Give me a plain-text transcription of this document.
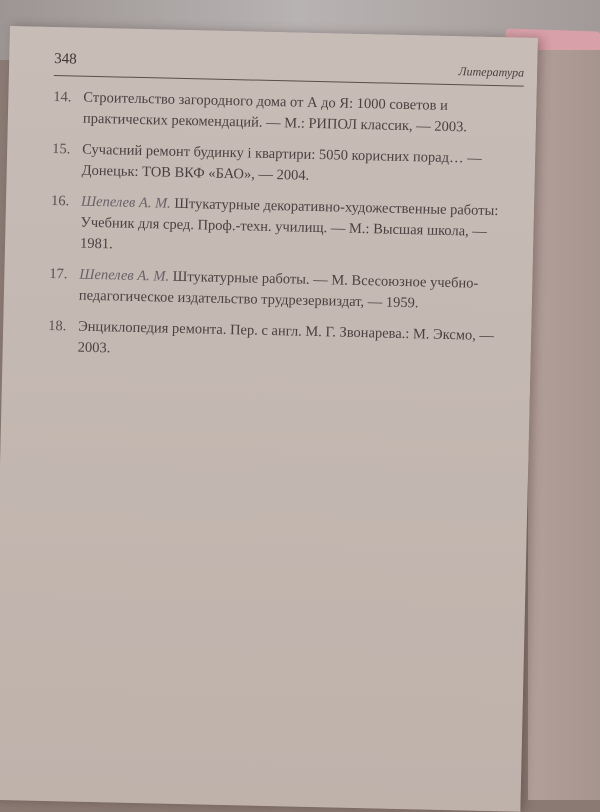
348
Литература
14. Строительство загородного дома от А до Я: 1000 советов и практических рекомендаций. — М.: РИПОЛ классик, — 2003.
15. Сучасний ремонт будинку і квартири: 5050 корисних порад… — Донецьк: ТОВ ВКФ «БАО», — 2004.
16. Шепелев А. М. Штукатурные декоративно-художественные работы: Учебник для сред. Проф.-техн. училищ. — М.: Высшая школа, — 1981.
17. Шепелев А. М. Штукатурные работы. — М. Всесоюзное учебно-педагогическое издательство трудрезервиздат, — 1959.
18. Энциклопедия ремонта. Пер. с англ. М. Г. Звонарева.: М. Эксмо, — 2003.
